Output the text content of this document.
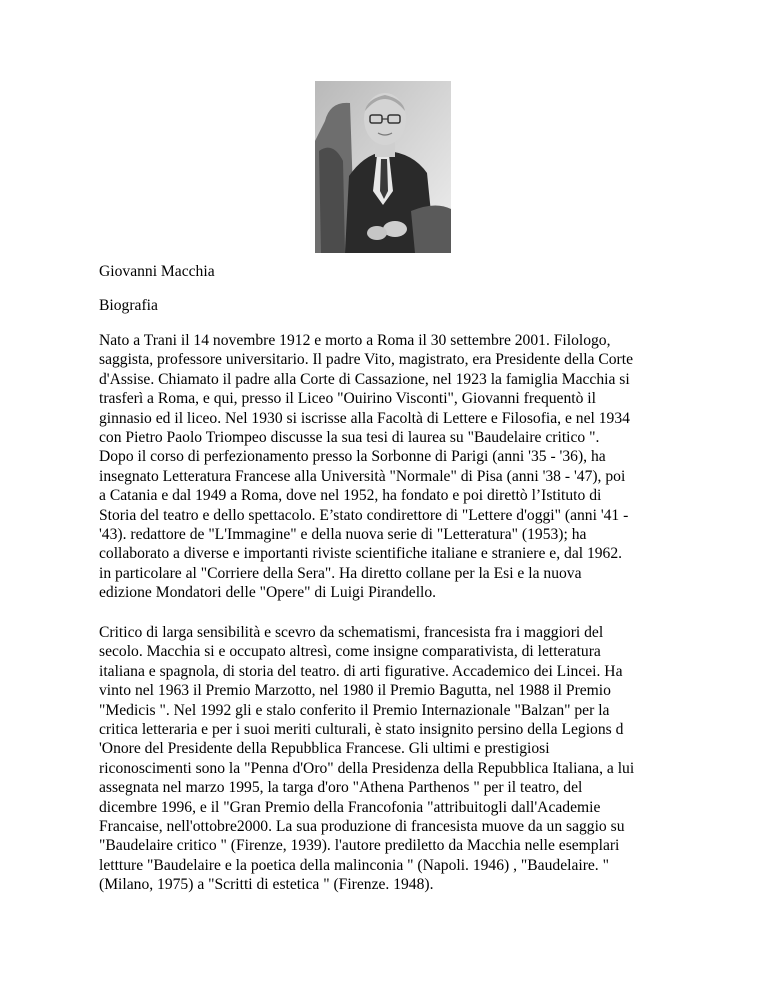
Giovanni Macchia

Biografia

Nato a Trani il 14 novembre 1912 e morto a Roma il 30 settembre 2001. Filologo,
saggista, professore universitario. Il padre Vito, magistrato, era Presidente della Corte
d'Assise. Chiamato il padre alla Corte di Cassazione, nel 1923 la famiglia Macchia si
trasferì a Roma, e qui, presso il Liceo "Ouirino Visconti", Giovanni frequentò il
ginnasio ed il liceo. Nel 1930 si iscrisse alla Facoltà di Lettere e Filosofia, e nel 1934
con Pietro Paolo Triompeo discusse la sua tesi di laurea su "Baudelaire critico ".
Dopo il corso di perfezionamento presso la Sorbonne di Parigi (anni '35 - '36), ha
insegnato Letteratura Francese alla Università "Normale" di Pisa (anni '38 - '47), poi
a Catania e dal 1949 a Roma, dove nel 1952, ha fondato e poi direttò l’Istituto di
Storia del teatro e dello spettacolo. E’stato condirettore di "Lettere d'oggi" (anni '41 -
'43). redattore de "L'Immagine" e della nuova serie di "Letteratura" (1953); ha
collaborato a diverse e importanti riviste scientifiche italiane e straniere e, dal 1962.
in particolare al "Corriere della Sera". Ha diretto collane per la Esi e la nuova
edizione Mondatori delle "Opere" di Luigi Pirandello.

Critico di larga sensibilità e scevro da schematismi, francesista fra i maggiori del
secolo. Macchia si e occupato altresì, come insigne comparativista, di letteratura
italiana e spagnola, di storia del teatro. di arti figurative. Accademico dei Lincei. Ha
vinto nel 1963 il Premio Marzotto, nel 1980 il Premio Bagutta, nel 1988 il Premio
"Medicis ". Nel 1992 gli e stalo conferito il Premio Internazionale "Balzan" per la
critica letteraria e per i suoi meriti culturali, è stato insignito persino della Legions d
'Onore del Presidente della Repubblica Francese. Gli ultimi e prestigiosi
riconoscimenti sono la "Penna d'Oro" della Presidenza della Repubblica Italiana, a lui
assegnata nel marzo 1995, la targa d'oro "Athena Parthenos " per il teatro, del
dicembre 1996, e il "Gran Premio della Francofonia "attribuitogli dall'Academie
Francaise, nell'ottobre2000. La sua produzione di francesista muove da un saggio su
"Baudelaire critico " (Firenze, 1939). l'autore prediletto da Macchia nelle esemplari
lettture "Baudelaire e la poetica della malinconia " (Napoli. 1946) , "Baudelaire. "
(Milano, 1975) a "Scritti di estetica " (Firenze. 1948).
